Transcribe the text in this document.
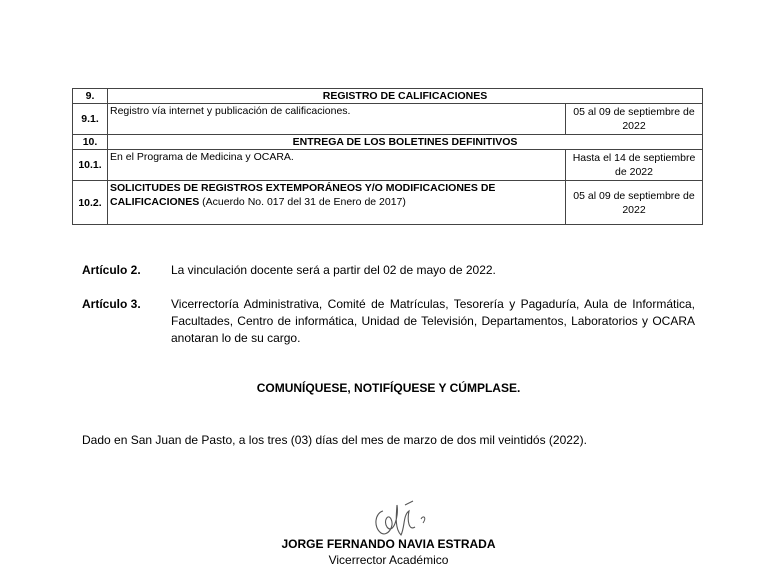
9.	REGISTRO DE CALIFICACIONES	
9.1.	Registro vía internet y publicación de calificaciones.	05 al 09 de septiembre de 2022
10.	ENTREGA DE LOS BOLETINES DEFINITIVOS	
10.1.	En el Programa de Medicina y OCARA.	Hasta el 14 de septiembre de 2022
10.2.	SOLICITUDES DE REGISTROS EXTEMPORÁNEOS Y/O MODIFICACIONES DE CALIFICACIONES (Acuerdo No. 017 del 31 de Enero de 2017)	05 al 09 de septiembre de 2022
Artículo 2.	La vinculación docente será a partir del 02 de mayo de 2022.
Artículo 3.	Vicerrectoría Administrativa, Comité de Matrículas, Tesorería y Pagaduría, Aula de Informática, Facultades, Centro de informática, Unidad de Televisión, Departamentos, Laboratorios y OCARA anotaran lo de su cargo.
COMUNÍQUESE, NOTIFÍQUESE Y CÚMPLASE.
Dado en San Juan de Pasto, a los tres (03) días del mes de marzo de dos mil veintidós (2022).
JORGE FERNANDO NAVIA ESTRADA
Vicerrector Académico
